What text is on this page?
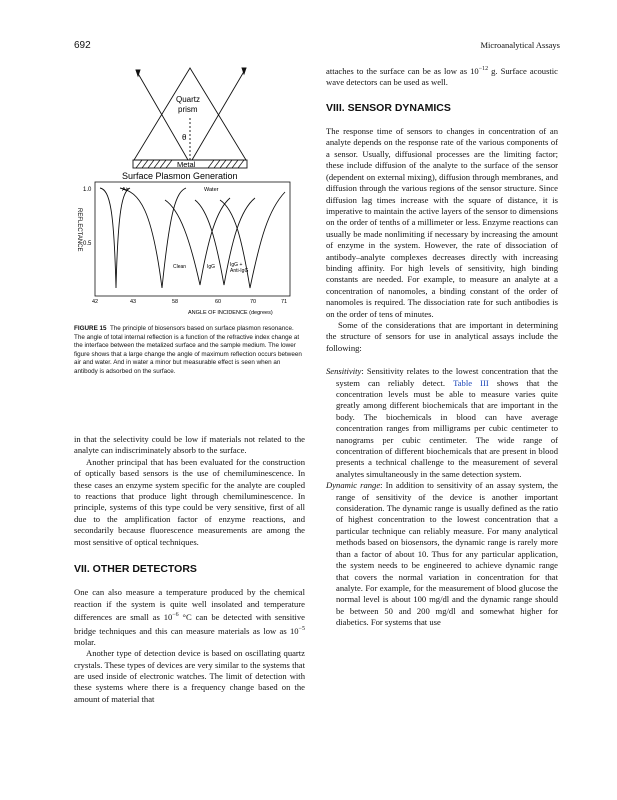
692	Microanalytical Assays
Quartz
prism
θ
Metal
Surface Plasmon Generation
REFLECTANCE
1.0
0.5
Air	Water
Clean	IgG	IgG +
Anti-IgG
42	43	58	60	70	71
ANGLE OF INCIDENCE (degrees)
FIGURE 15 The principle of biosensors based on surface plasmon resonance. The angle of total internal reflection is a function of the refractive index change at the interface between the metalized surface and the sample medium. The lower figure shows that a large change the angle of maximum reflection occurs between air and water. And in water a minor but measurable effect is seen when an antibody is adsorbed on the surface.

in that the selectivity could be low if materials not related to the analyte can indiscriminately absorb to the surface.

Another principal that has been evaluated for the construction of optically based sensors is the use of chemiluminescence. In these cases an enzyme system specific for the analyte are coupled to reactions that produce light through chemiluminescence. In principle, systems of this type could be very sensitive, first of all due to the amplification factor of enzyme reactions, and secondarily because fluorescence measurements are among the most sensitive of optical techniques.

VII. OTHER DETECTORS

One can also measure a temperature produced by the chemical reaction if the system is quite well insolated and temperature differences are small as $10^{-6}$ °C can be detected with sensitive bridge techniques and this can measure materials as low as $10^{-5}$ molar.

Another type of detection device is based on oscillating quartz crystals. These types of devices are very similar to the systems that are used inside of electronic watches. The limit of detection with these systems where there is a frequency change based on the amount of material that

attaches to the surface can be as low as $10^{-12}$ g. Surface acoustic wave detectors can be used as well.

VIII. SENSOR DYNAMICS

The response time of sensors to changes in concentration of an analyte depends on the response rate of the various components of a sensor. Usually, diffusional processes are the limiting factor; these include diffusion of the analyte to the surface of the sensor (dependent on external mixing), diffusion through membranes, and diffusion through the various regions of the sensor structure. Since diffusion lag times increase with the square of distance, it is imperative to maintain the active layers of the sensor to dimensions on the order of tenths of a millimeter or less. Enzyme reactions can usually be made nonlimiting if necessary by increasing the amount of enzyme in the system. However, the rate of dissociation of antibody–analyte complexes decreases directly with increasing binding affinity. For high levels of sensitivity, high binding constants are needed. For example, to measure an analyte at a concentration of nanomoles, a binding constant of the order of nanomoles is required. The dissociation rate for such antibodies is on the order of tens of minutes.

Some of the considerations that are important in determining the structure of sensors for use in analytical assays include the following:

Sensitivity: Sensitivity relates to the lowest concentration that the system can reliably detect. Table III shows that the concentration levels must be able to measure varies quite greatly among different biochemicals that are important in the body. The biochemicals in blood can have average concentration ranges from milligrams per cubic centimeter to nanograms per cubic centimeter. The wide range of concentration of different biochemicals that are present in blood presents a technical challenge to the measurement of several analytes simultaneously in the same detection system.

Dynamic range: In addition to sensitivity of an assay system, the range of sensitivity of the device is another important consideration. The dynamic range is usually defined as the ratio of highest concentration to the lowest concentration that a particular technique can reliably measure. For many analytical methods based on biosensors, the dynamic range is rarely more than a factor of about 10. Thus for any particular application, the system needs to be engineered to achieve dynamic range that covers the normal variation in concentration for that analyte. For example, for the measurement of blood glucose the normal level is about 100 mg/dl and the dynamic range should be between 50 and 200 mg/dl and somewhat higher for diabetics. For systems that use
